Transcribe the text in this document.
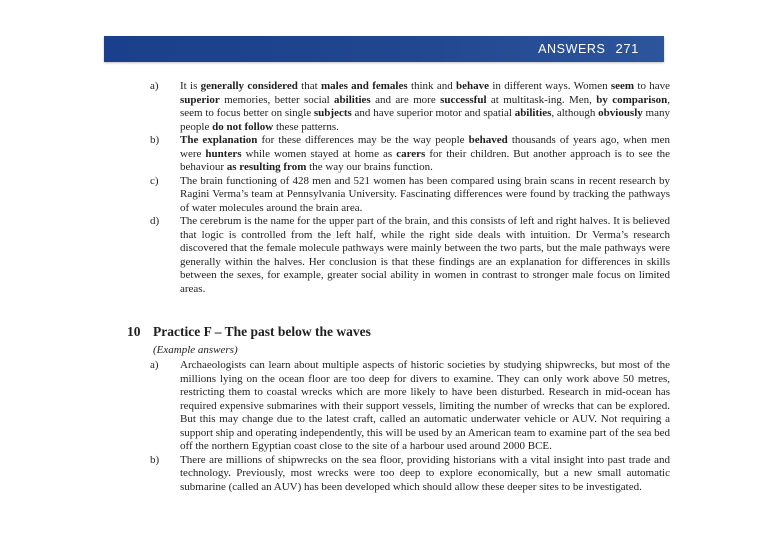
ANSWERS 271
a)	It is generally considered that males and females think and behave in different ways. Women seem to have superior memories, better social abilities and are more successful at multitask-ing. Men, by comparison, seem to focus better on single subjects and have superior motor and spatial abilities, although obviously many people do not follow these patterns.
b)	The explanation for these differences may be the way people behaved thousands of years ago, when men were hunters while women stayed at home as carers for their children. But another approach is to see the behaviour as resulting from the way our brains function.
c)	The brain functioning of 428 men and 521 women has been compared using brain scans in recent research by Ragini Verma’s team at Pennsylvania University. Fascinating differences were found by tracking the pathways of water molecules around the brain area.
d)	The cerebrum is the name for the upper part of the brain, and this consists of left and right halves. It is believed that logic is controlled from the left half, while the right side deals with intuition. Dr Verma’s research discovered that the female molecule pathways were mainly between the two parts, but the male pathways were generally within the halves. Her conclusion is that these findings are an explanation for differences in skills between the sexes, for example, greater social ability in women in contrast to stronger male focus on limited areas.
10 Practice F – The past below the waves
(Example answers)
a)	Archaeologists can learn about multiple aspects of historic societies by studying shipwrecks, but most of the millions lying on the ocean floor are too deep for divers to examine. They can only work above 50 metres, restricting them to coastal wrecks which are more likely to have been disturbed. Research in mid-ocean has required expensive submarines with their support vessels, limiting the number of wrecks that can be explored. But this may change due to the latest craft, called an automatic underwater vehicle or AUV. Not requiring a support ship and operating independently, this will be used by an American team to examine part of the sea bed off the northern Egyptian coast close to the site of a harbour used around 2000 BCE.
b)	There are millions of shipwrecks on the sea floor, providing historians with a vital insight into past trade and technology. Previously, most wrecks were too deep to explore economically, but a new small automatic submarine (called an AUV) has been developed which should allow these deeper sites to be investigated.
